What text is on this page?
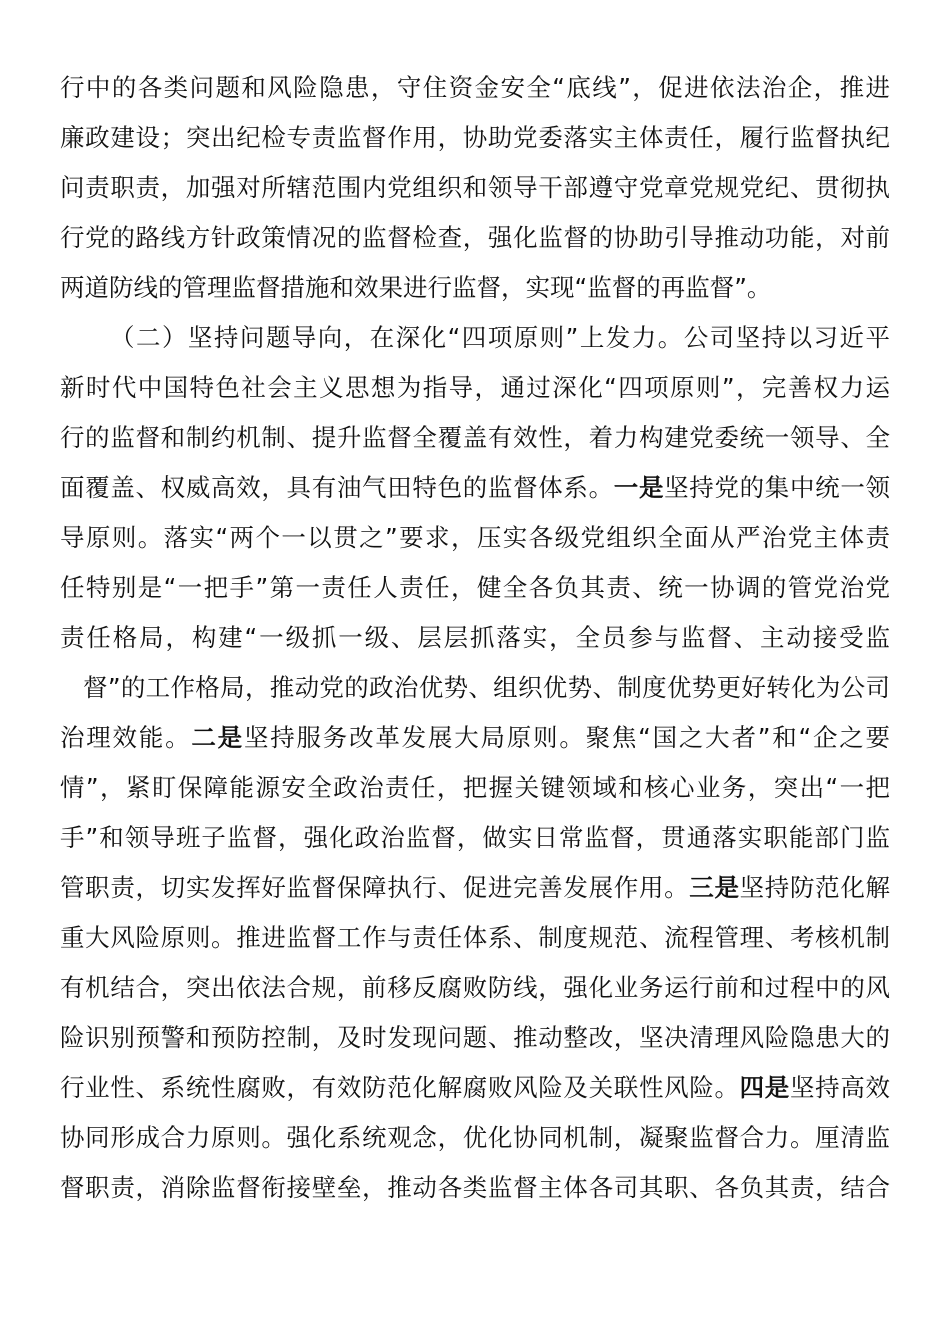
行中的各类问题和风险隐患，守住资金安全“底线”，促进依法治企，推进
廉政建设；突出纪检专责监督作用，协助党委落实主体责任，履行监督执纪
问责职责，加强对所辖范围内党组织和领导干部遵守党章党规党纪、贯彻执
行党的路线方针政策情况的监督检查，强化监督的协助引导推动功能，对前
两道防线的管理监督措施和效果进行监督，实现“监督的再监督”。
（二）坚持问题导向，在深化“四项原则”上发力。公司坚持以习近平
新时代中国特色社会主义思想为指导，通过深化“四项原则”，完善权力运
行的监督和制约机制、提升监督全覆盖有效性，着力构建党委统一领导、全
面覆盖、权威高效，具有油气田特色的监督体系。一是坚持党的集中统一领
导原则。落实“两个一以贯之”要求，压实各级党组织全面从严治党主体责
任特别是“一把手”第一责任人责任，健全各负其责、统一协调的管党治党
责任格局，构建“一级抓一级、层层抓落实，全员参与监督、主动接受监
督”的工作格局，推动党的政治优势、组织优势、制度优势更好转化为公司
治理效能。二是坚持服务改革发展大局原则。聚焦“国之大者”和“企之要
情”，紧盯保障能源安全政治责任，把握关键领域和核心业务，突出“一把
手”和领导班子监督，强化政治监督，做实日常监督，贯通落实职能部门监
管职责，切实发挥好监督保障执行、促进完善发展作用。三是坚持防范化解
重大风险原则。推进监督工作与责任体系、制度规范、流程管理、考核机制
有机结合，突出依法合规，前移反腐败防线，强化业务运行前和过程中的风
险识别预警和预防控制，及时发现问题、推动整改，坚决清理风险隐患大的
行业性、系统性腐败，有效防范化解腐败风险及关联性风险。四是坚持高效
协同形成合力原则。强化系统观念，优化协同机制，凝聚监督合力。厘清监
督职责，消除监督衔接壁垒，推动各类监督主体各司其职、各负其责，结合
